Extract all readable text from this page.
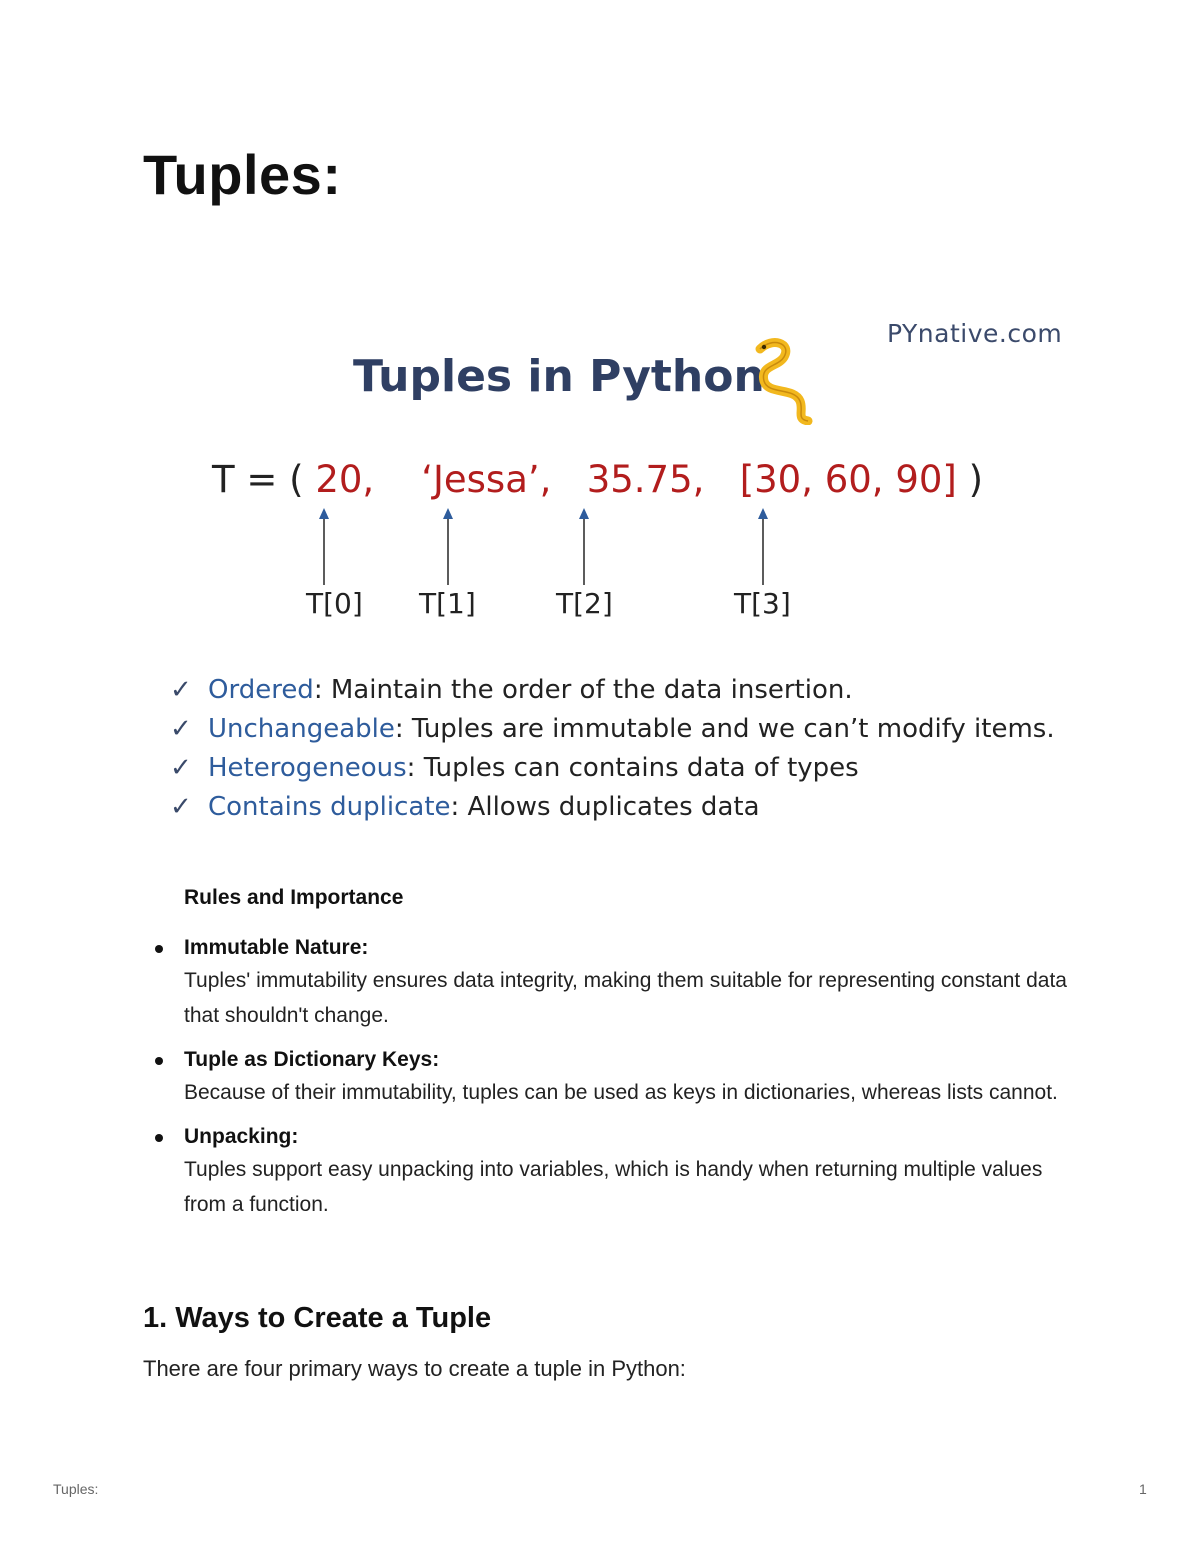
Tuples:
PYnative.com
Tuples in Python
T = ( 20, ‘Jessa’, 35.75, [30, 60, 90] )
T[0] T[1]	T[2]	T[3]
✓ Ordered : Maintain the order of the data insertion.
✓ Unchangeable : Tuples are immutable and we can’t modify items.
✓ Heterogeneous : Tuples can contains data of types
✓ Contains duplicate : Allows duplicates data
Rules and Importance
Immutable Nature:
Tuples' immutability ensures data integrity, making them suitable for representing constant data that shouldn't change.
Tuple as Dictionary Keys:
Because of their immutability, tuples can be used as keys in dictionaries, whereas lists cannot.
Unpacking:
Tuples support easy unpacking into variables, which is handy when returning multiple values from a function.
1. Ways to Create a Tuple

There are four primary ways to create a tuple in Python:

Tuples:	1
